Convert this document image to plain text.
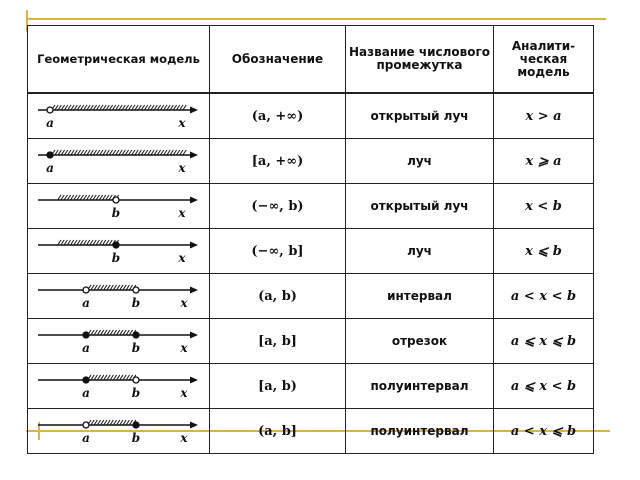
Геометрическая модель	Обозначение	Название числового промежутка	Аналити-ческая модель

a x	(a, +∞)	открытый луч	x > a

a x	[a, +∞)	луч	x ⩾ a

b x	(−∞, b)	открытый луч	x < b

b x	(−∞, b]	луч	x ⩽ b

a b x	(a, b)	интервал	a < x < b

a b x	[a, b]	отрезок	a ⩽ x ⩽ b

a b x	[a, b)	полуинтервал	a ⩽ x < b

a b x	(a, b]	полуинтервал	a < x ⩽ b
